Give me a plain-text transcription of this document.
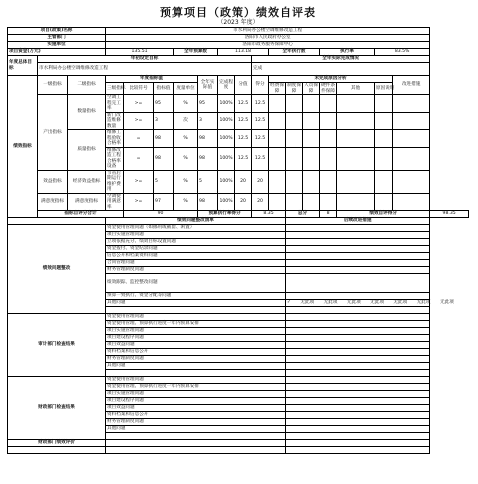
预算项目（政策）绩效自评表
（2023 年度）
项目(政策)名称			市水利局办公楼空调维修改造工程															
主管部门			洛阳市人民政府办公室															
实施单位			洛阳市政务服务保障中心															
项目资金(万元)			135.51			全年预算数		113.18			全年执行数			执行率		83.5%		
年度总体目标	年初设定目标									全年实际完成情况								
	市水利局办公楼空调维修改造工程									完成								
绩效指标	一级指标	二级指标	年度指标值				全年实际值	完成程度	分值	得分	未完成原因分析						改进措施	
			三级指标	比较符号	指标值	度量单位					经费保障	制度保障	人员保障	硬件条件保障	其他	原因说明		
	产出指标	数量指标	空调工程完工率	>=	95	%	95	100%	12.5	12.5								
			新门改造维修数量	>=	3	次	3	100%	12.5	12.5								
		质量指标	维修工程验收合格率	=	98	%	98	100%	12.5	12.5								
			维修改造工程合格率设备	=	98	%	98	100%	12.5	12.5								
	效益指标	经济效益指标	节省后期运行维护费用	>=	5	%	5	100%	20	20								
	满意度指标	满意度指标	空调使用满意率	>=	97	%	98	100%	20	20								
	指标自评分合计			90			预算执行率得分			8.35		总分		8	绩效自评得分			98.35
			绩效问题整改清单									后续改进措施						
绩效问题整改			资金使用管理问题（如挪用或截留、闲置）															
			项目实施管理问题															
			立项依据充分、绩效目标设置问题															
			资金拨付、资金结余问题															
			信息公开和档案资料问题															
			合同管理问题															
			财务管理制度问题															
			绩效跟踪、监控整改问题															
			预算一致执行、资金分配等问题															
			其他问题									✓ 无此项 无此项 无此项 无此项 无此项 无此项 无此项						

审计部门检查结果			资金使用管理问题															
			资金使用管理、预算执行进度一年内预算安排															
			项目实施管理问题															
			项目建设程序问题															
			项目效益问题															
			资料档案和信息公开															
			财务管理制度问题															
			其他问题															

财政部门检查结果			资金使用管理问题															
			资金使用管理、预算执行进度一年内预算安排															
			项目实施管理问题															
			项目建设程序问题															
			项目效益问题															
			资料档案和信息公开															
			财务管理制度问题															
			其他问题															

财政部门绩效评价																		
